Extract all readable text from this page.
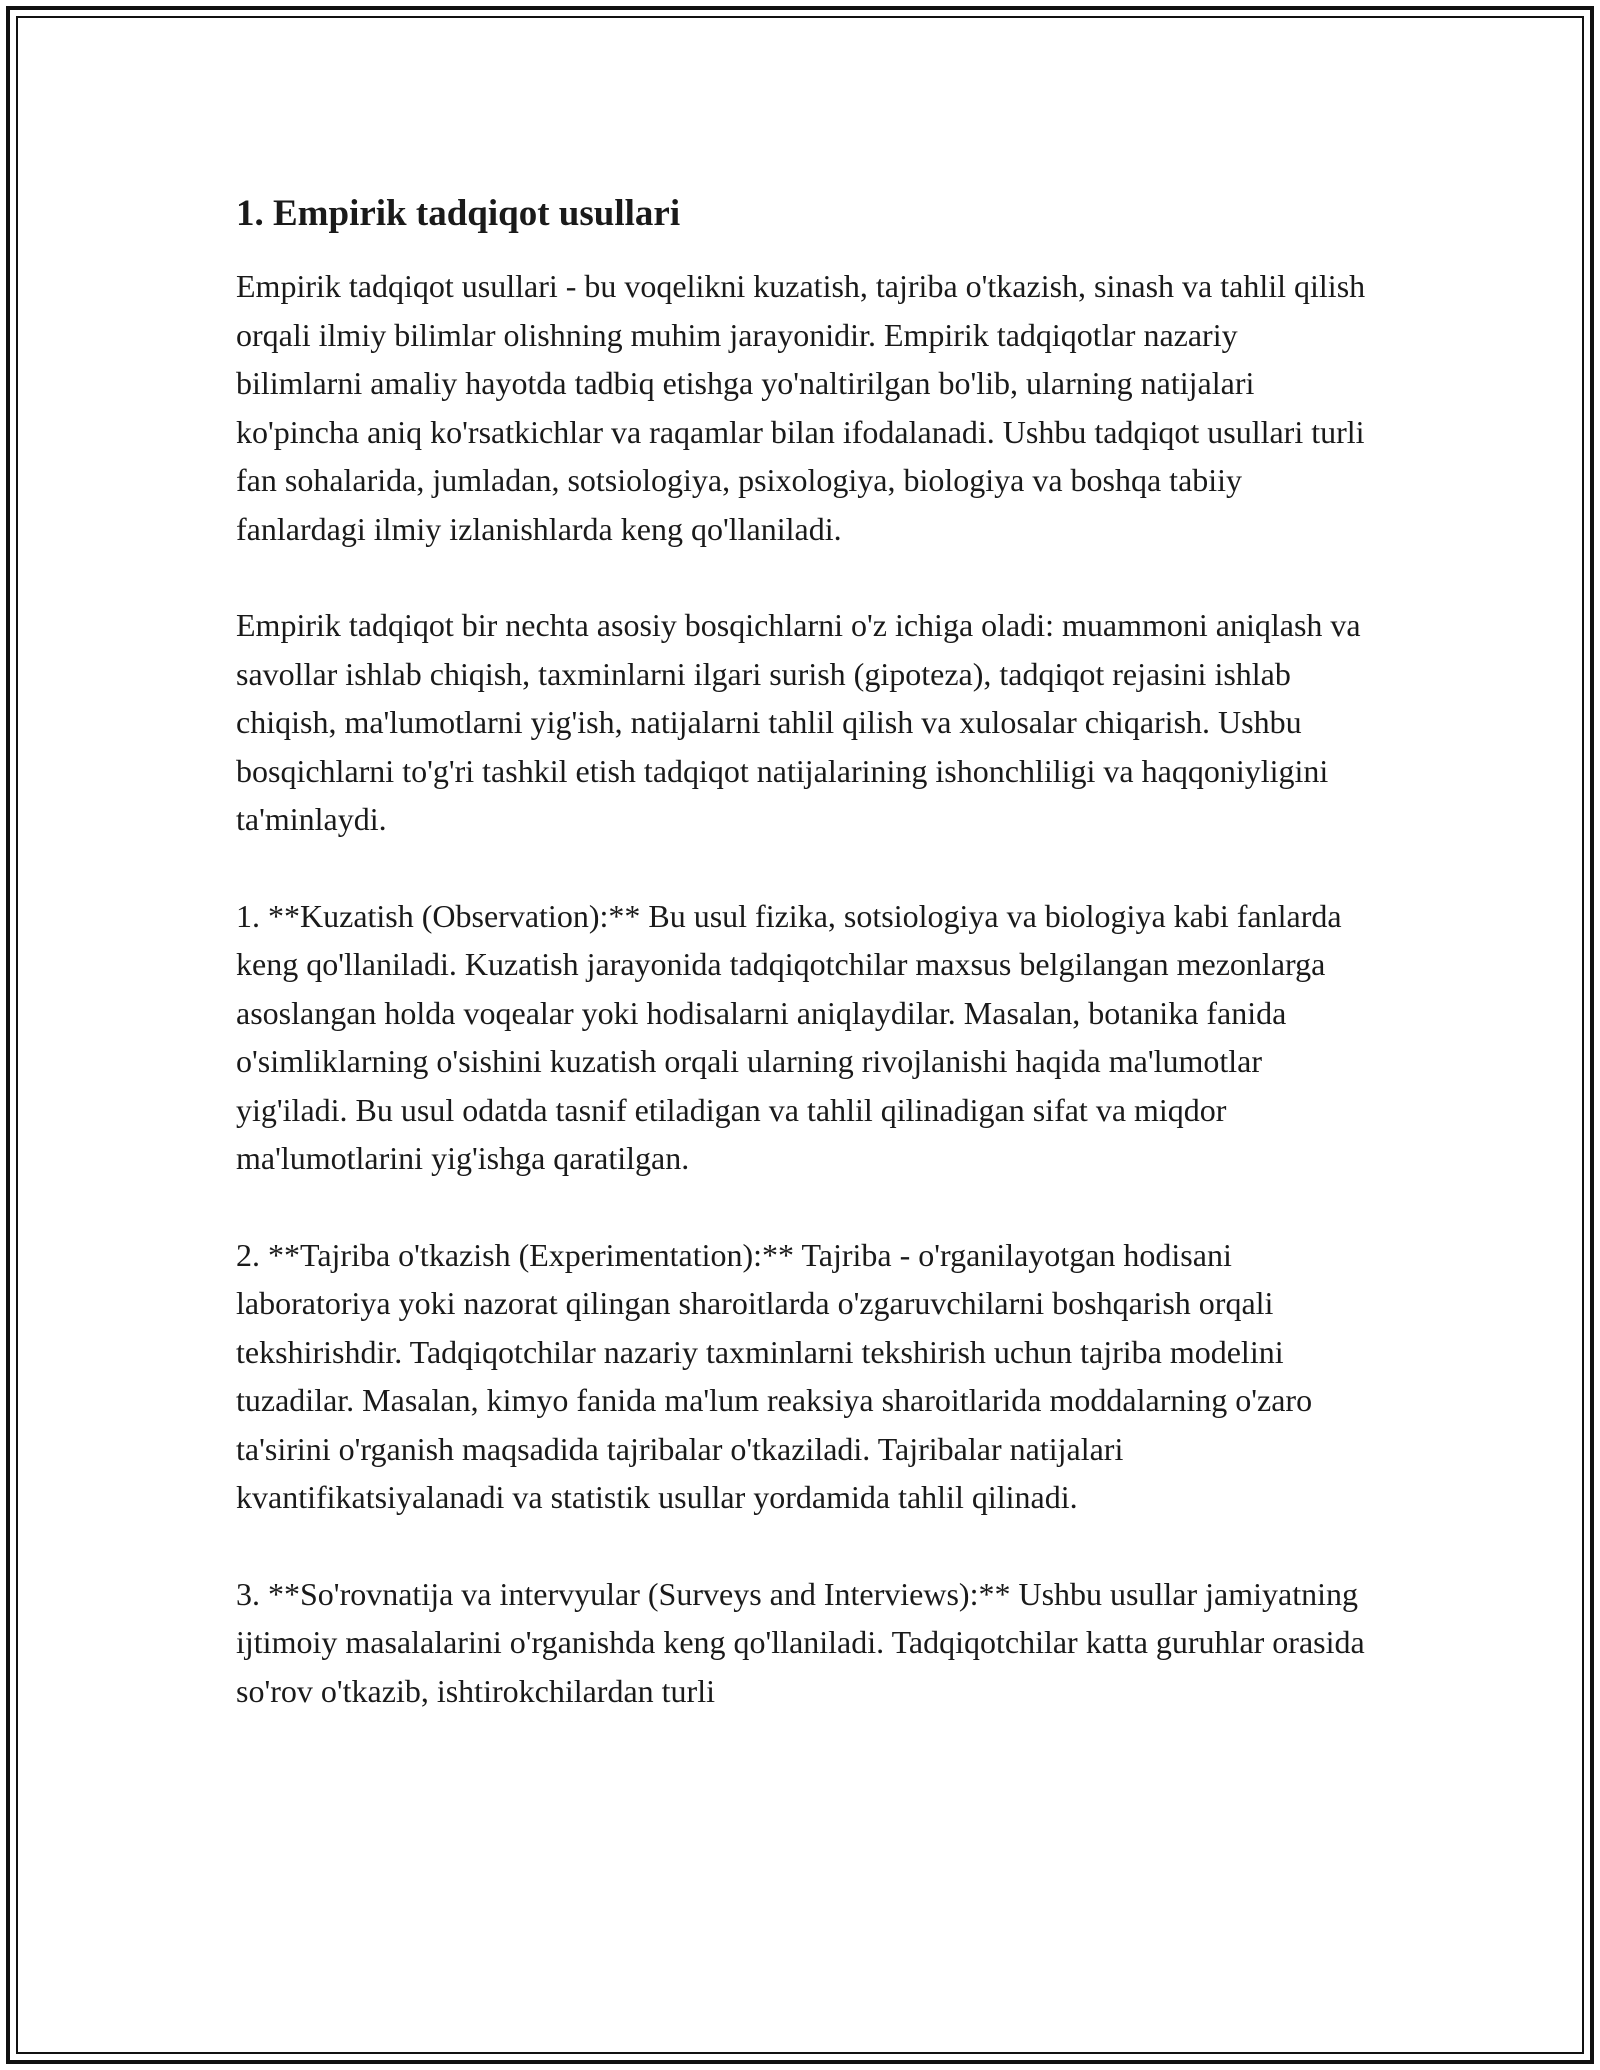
1. Empirik tadqiqot usullari

Empirik tadqiqot usullari - bu voqelikni kuzatish, tajriba o'tkazish, sinash va tahlil qilish orqali ilmiy bilimlar olishning muhim jarayonidir. Empirik tadqiqotlar nazariy bilimlarni amaliy hayotda tadbiq etishga yo'naltirilgan bo'lib, ularning natijalari ko'pincha aniq ko'rsatkichlar va raqamlar bilan ifodalanadi. Ushbu tadqiqot usullari turli fan sohalarida, jumladan, sotsiologiya, psixologiya, biologiya va boshqa tabiiy fanlardagi ilmiy izlanishlarda keng qo'llaniladi.

Empirik tadqiqot bir nechta asosiy bosqichlarni o'z ichiga oladi: muammoni aniqlash va savollar ishlab chiqish, taxminlarni ilgari surish (gipoteza), tadqiqot rejasini ishlab chiqish, ma'lumotlarni yig'ish, natijalarni tahlil qilish va xulosalar chiqarish. Ushbu bosqichlarni to'g'ri tashkil etish tadqiqot natijalarining ishonchliligi va haqqoniyligini ta'minlaydi.

1. **Kuzatish (Observation):** Bu usul fizika, sotsiologiya va biologiya kabi fanlarda keng qo'llaniladi. Kuzatish jarayonida tadqiqotchilar maxsus belgilangan mezonlarga asoslangan holda voqealar yoki hodisalarni aniqlaydilar. Masalan, botanika fanida o'simliklarning o'sishini kuzatish orqali ularning rivojlanishi haqida ma'lumotlar yig'iladi. Bu usul odatda tasnif etiladigan va tahlil qilinadigan sifat va miqdor ma'lumotlarini yig'ishga qaratilgan.

2. **Tajriba o'tkazish (Experimentation):** Tajriba - o'rganilayotgan hodisani laboratoriya yoki nazorat qilingan sharoitlarda o'zgaruvchilarni boshqarish orqali tekshirishdir. Tadqiqotchilar nazariy taxminlarni tekshirish uchun tajriba modelini tuzadilar. Masalan, kimyo fanida ma'lum reaksiya sharoitlarida moddalarning o'zaro ta'sirini o'rganish maqsadida tajribalar o'tkaziladi. Tajribalar natijalari kvantifikatsiyalanadi va statistik usullar yordamida tahlil qilinadi.

3. **So'rovnatija va intervyular (Surveys and Interviews):** Ushbu usullar jamiyatning ijtimoiy masalalarini o'rganishda keng qo'llaniladi. Tadqiqotchilar katta guruhlar orasida so'rov o'tkazib, ishtirokchilardan turli
